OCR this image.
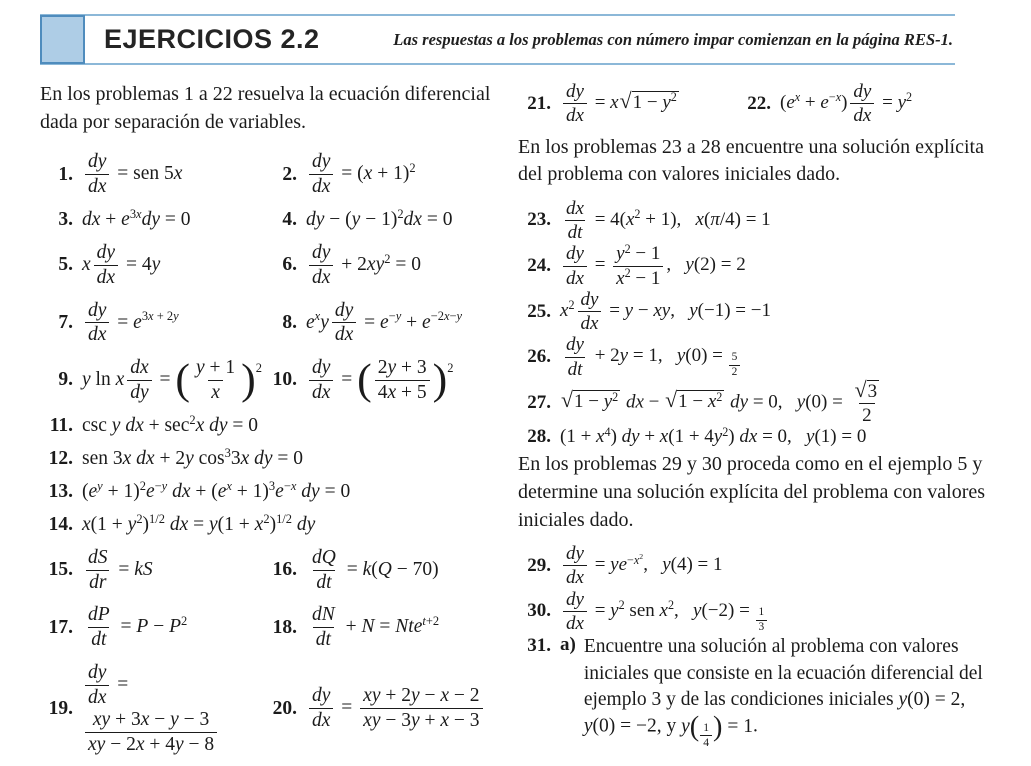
EJERCICIOS 2.2	Las respuestas a los problemas con número impar comienzan en la página RES-1.

En los problemas 1 a 22 resuelva la ecuación diferencial dada por separación de variables.

1. $\frac{dy}{dx}$ = sen 5x	2. $\frac{dy}{dx} = (x + 1)^2$
3. dx + $e^{3x}dy = 0$	4. dy − $(y - 1)^2dx = 0$
5. x $\frac{dy}{dx} = 4y$	6. $\frac{dy}{dx} + 2xy^2 = 0$
7. $\frac{dy}{dx} = e^{3x + 2y}$	8. $e^xy \frac{dy}{dx} = e^{-y} + e^{-2x-y}$
9. y ln x $\frac{dx}{dy}$ = ( $\frac{y + 1}{x} )^2$
10. $\frac{dy}{dx}$ = ( $\frac{2y + 3}{4x + 5} )^2$
11. csc y dx + $\sec^2x$ dy = 0
12. sen 3x dx + 2y $\cos^33x$ dy = 0
13. $(e^y + 1)^2e^{-y}$ dx + $(e^x + 1)^3e^{-x}$ dy = 0
14. $x(1 + y^2)^{1/2}$ dx = $y(1 + x^2)^{1/2}$ dy
15. $\frac{dS}{dr}$ = kS	16. $\frac{dQ}{dt} = k(Q - 70)$
17. $\frac{dP}{dt} = P - P^2$	18. $\frac{dN}{dt} + N = Nte^{t+2}$
19. $\frac{dy}{dx}$ =
$\frac{xy + 3x - y - 3}{xy - 2x + 4y - 8}$
20. $\frac{dy}{dx} = \frac{xy + 2y - x - 2}{xy - 3y + x - 3}$
21. $\frac{dy}{dx} = x$ √ $1 - y^2$	22. $(e^x + e^{-x}) \frac{dy}{dx} = y^2$

En los problemas 23 a 28 encuentre una solución explícita del problema con valores iniciales dado.

23. $\frac{dx}{dt} = 4(x^2 + 1)$, x(π/4) = 1
24. $\frac{dy}{dx} = \frac{y^2 - 1}{x^2 - 1}$ , y(2) = 2
25. $x^2 \frac{dy}{dx} = y$ − xy, y(−1) = −1
26. $\frac{dy}{dt} + 2y = 1$, $y(0) = \frac{5}{2}$
27. √ $1 - y^2$ dx − √ $1 - x^2$ dy = 0, $y(0) = \frac{√ 3}{2}$
28. $(1 + x^4)$ dy + $x(1 + 4y^2)$ dx = 0, y(1) = 0

En los problemas 29 y 30 proceda como en el ejemplo 5 y determine una solución explícita del problema con valores iniciales dado.

29. $\frac{dy}{dx} = ye^{-x^2}$, y(4) = 1
30. $\frac{dy}{dx} = y^2$ sen $x^2$, $y(-2) = \frac{1}{3}$
31. a) Encuentre una solución al problema con valores iniciales que consiste en la ecuación diferencial del ejemplo 3 y de las condiciones iniciales y(0) = 2, y(0) = −2, y $y( \frac{1}{4}$ ) = 1.
